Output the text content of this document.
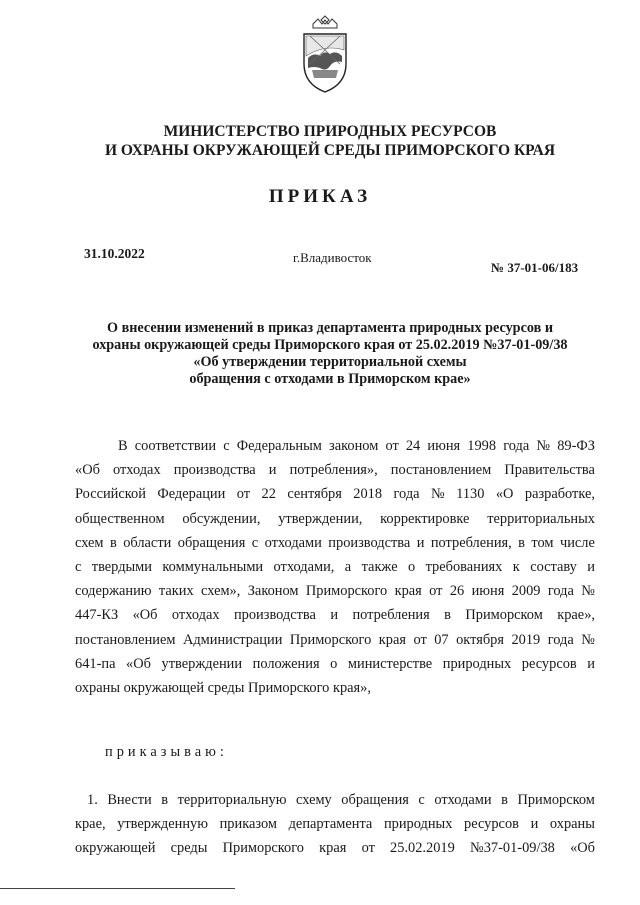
МИНИСТЕРСТВО ПРИРОДНЫХ РЕСУРСОВ
И ОХРАНЫ ОКРУЖАЮЩЕЙ СРЕДЫ ПРИМОРСКОГО КРАЯ
ПРИКАЗ
31.10.2022	г.Владивосток
№ 37-01-06/183
О внесении изменений в приказ департамента природных ресурсов и
охраны окружающей среды Приморского края от 25.02.2019 №37-01-09/38
«Об утверждении территориальной схемы
обращения с отходами в Приморском крае»
В соответствии с Федеральным законом от 24 июня 1998 года № 89-ФЗ
«Об отходах производства и потребления», постановлением Правительства
Российской Федерации от 22 сентября 2018 года № 1130 «О разработке,
общественном обсуждении, утверждении, корректировке территориальных
схем в области обращения с отходами производства и потребления, в том числе
с твердыми коммунальными отходами, а также о требованиях к составу и
содержанию таких схем», Законом Приморского края от 26 июня 2009 года №
447-КЗ «Об отходах производства и потребления в Приморском крае»,
постановлением Администрации Приморского края от 07 октября 2019 года №
641-па «Об утверждении положения о министерстве природных ресурсов и
охраны окружающей среды Приморского края»,
приказываю:
1. Внести в территориальную схему обращения с отходами в Приморском
крае, утвержденную приказом департамента природных ресурсов и охраны
окружающей среды Приморского края от 25.02.2019 №37-01-09/38 «Об
